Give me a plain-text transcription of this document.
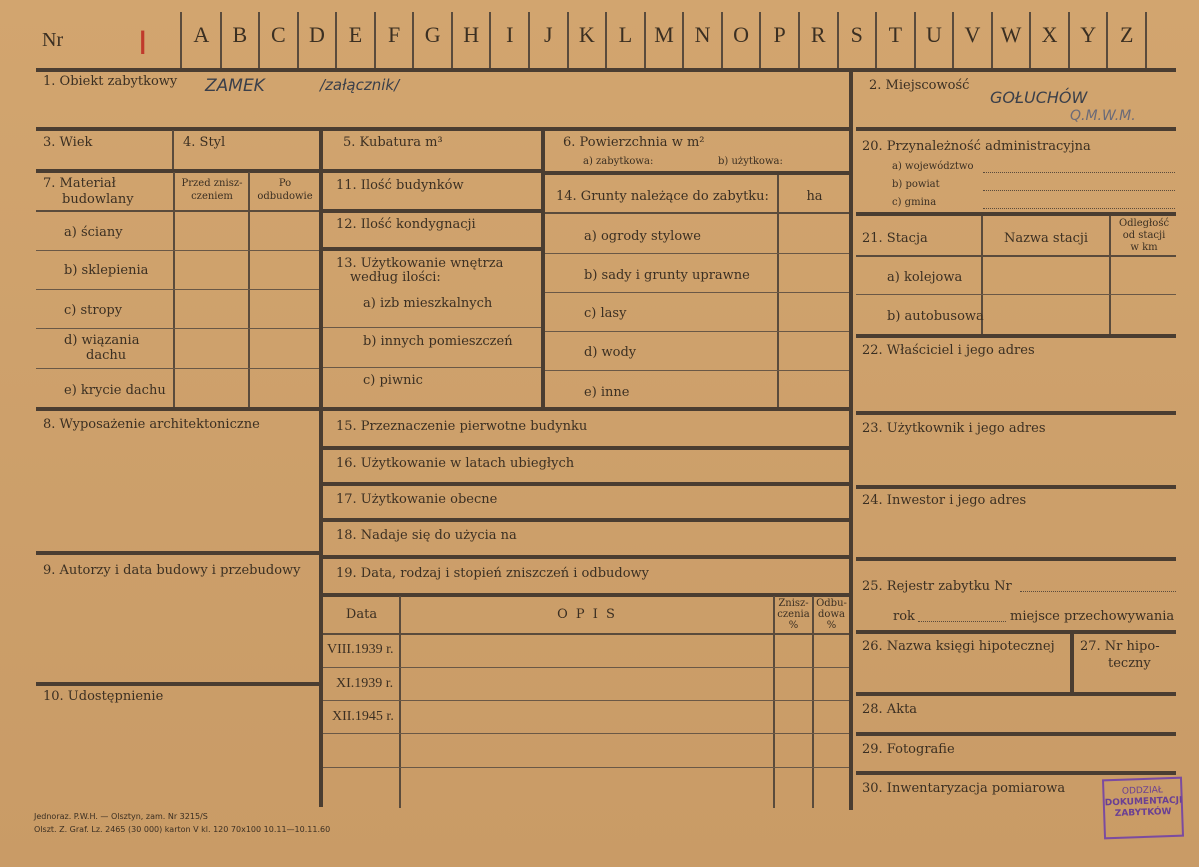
Nr I	A	B	C	D	E	F	G	H	I	J	K	L	M N	O	P	R	S	T	U	V W X	Y	Z
1. Obiekt zabytkowy ZAMEK	/załącznik/	2. Miejscowość
GOŁUCHÓW
Q.M.W.M.
3. Wiek	4. Styl
7. Materiał
budowlany
Przed znisz-
czeniem
Po
odbudowie
a) ściany
b) sklepienia
c) stropy
d) wiązania
dachu
e) krycie dachu
8. Wyposażenie architektoniczne
9. Autorzy i data budowy i przebudowy
10. Udostępnienie
5. Kubatura m³
11. Ilość budynków
12. Ilość kondygnacji
13. Użytkowanie wnętrza
według ilości:
a) izb mieszkalnych
b) innych pomieszczeń
c) piwnic
6. Powierzchnia w m²
a) zabytkowa:	b) użytkowa:
14. Grunty należące do zabytku:	ha
a) ogrody stylowe
b) sady i grunty uprawne
c) lasy
d) wody
e) inne
15. Przeznaczenie pierwotne budynku
16. Użytkowanie w latach ubiegłych
17. Użytkowanie obecne
18. Nadaje się do użycia na
19. Data, rodzaj i stopień zniszczeń i odbudowy
Data	O P I S
Znisz-
czenia
%
Odbu-
dowa
%
VIII.1939 r.
XI.1939 r.
XII.1945 r.
20. Przynależność administracyjna
a) województwo
b) powiat
c) gmina
21. Stacja	Nazwa stacji
Odległość
od stacji
w km
a) kolejowa
b) autobusowa
22. Właściciel i jego adres
23. Użytkownik i jego adres
24. Inwestor i jego adres
25. Rejestr zabytku Nr
rok	miejsce przechowywania
26. Nazwa księgi hipotecznej 27. Nr hipo-
teczny
28. Akta
29. Fotografie
30. Inwentaryzacja pomiarowa
Jednoraz. P.W.H. — Olsztyn, zam. Nr 3215/S
Olszt. Z. Graf. Lz. 2465 (30 000) karton V kl. 120 70x100 10.11—10.11.60
ODDZIAŁ
DOKUMENTACJI
ZABYTKÓW
